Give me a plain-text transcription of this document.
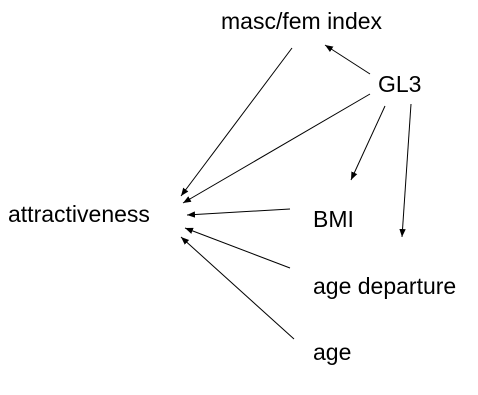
masc/fem index
GL3
attractiveness	BMI
age departure
age
